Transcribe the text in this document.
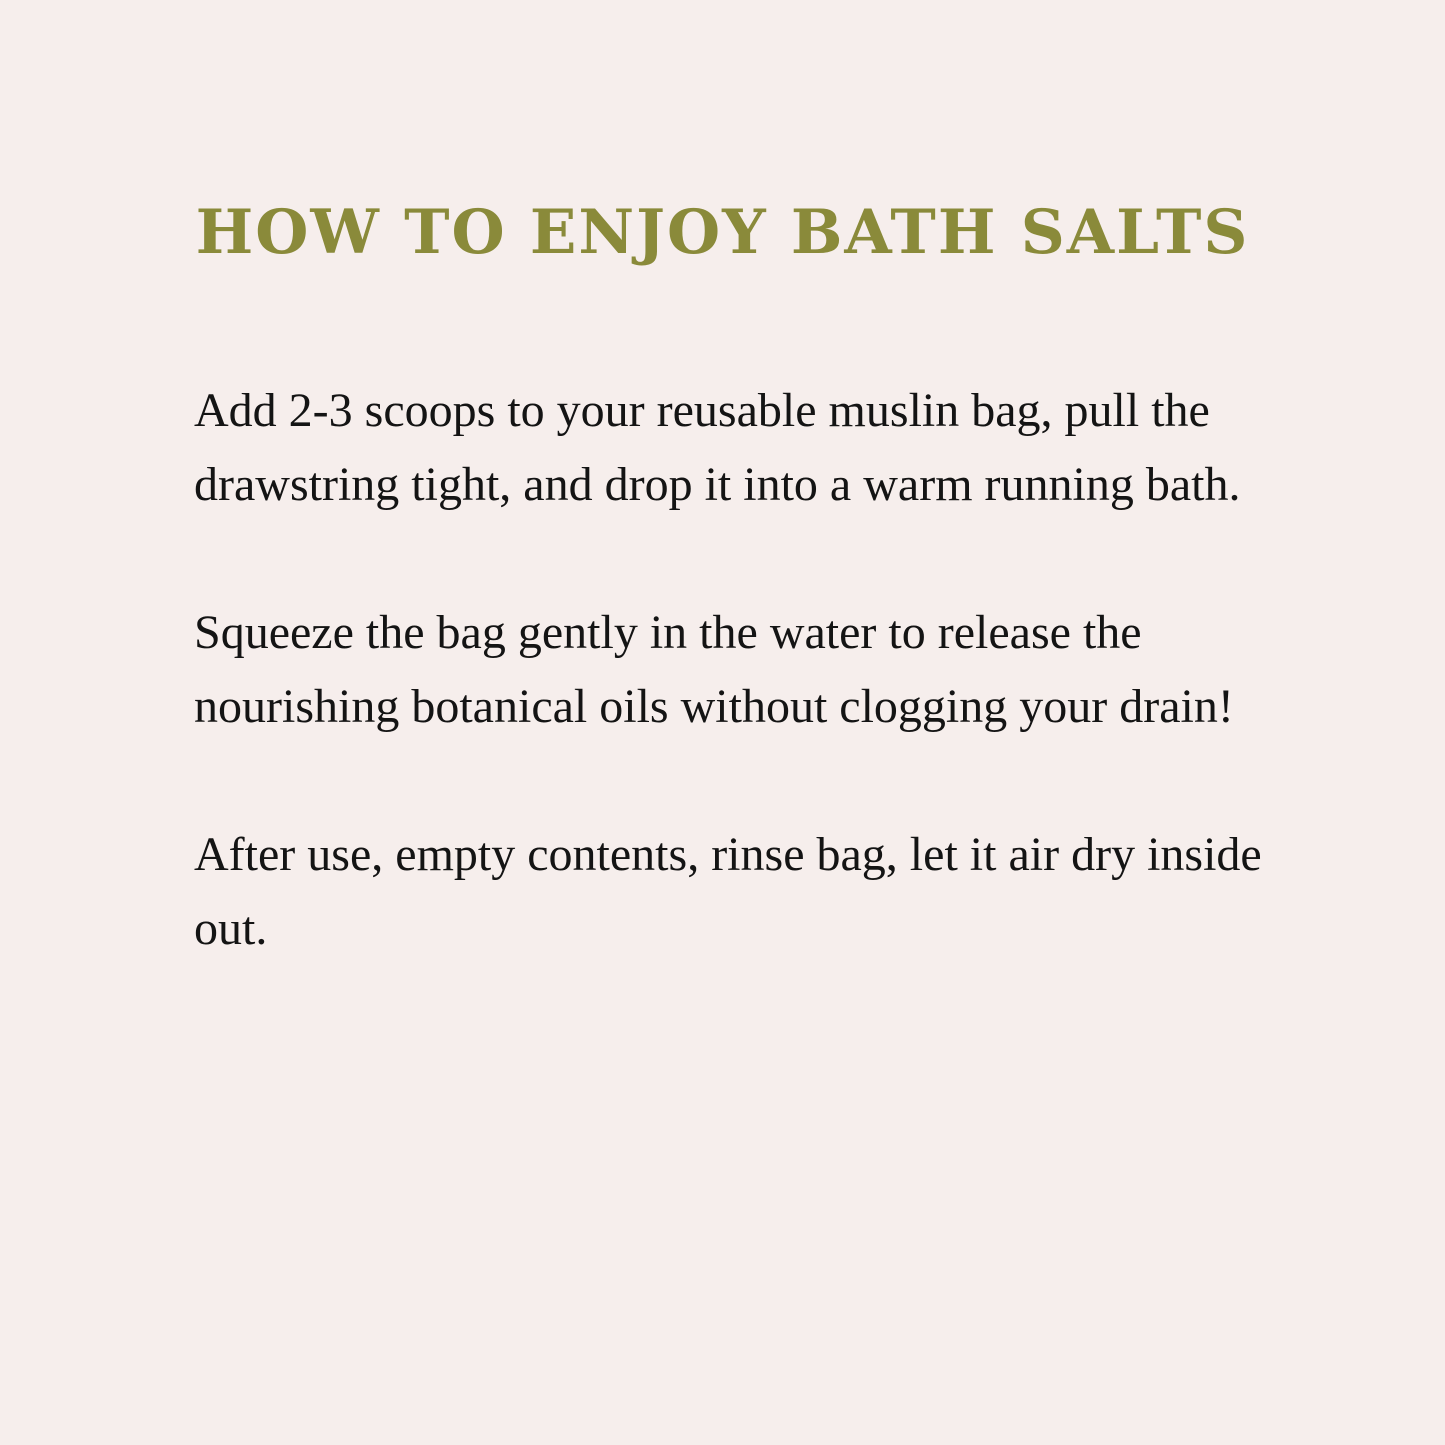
HOW TO ENJOY BATH SALTS

Add 2-3 scoops to your reusable muslin bag, pull the drawstring tight, and drop it into a warm running bath.

Squeeze the bag gently in the water to release the nourishing botanical oils without clogging your drain!

After use, empty contents, rinse bag, let it air dry inside out.
